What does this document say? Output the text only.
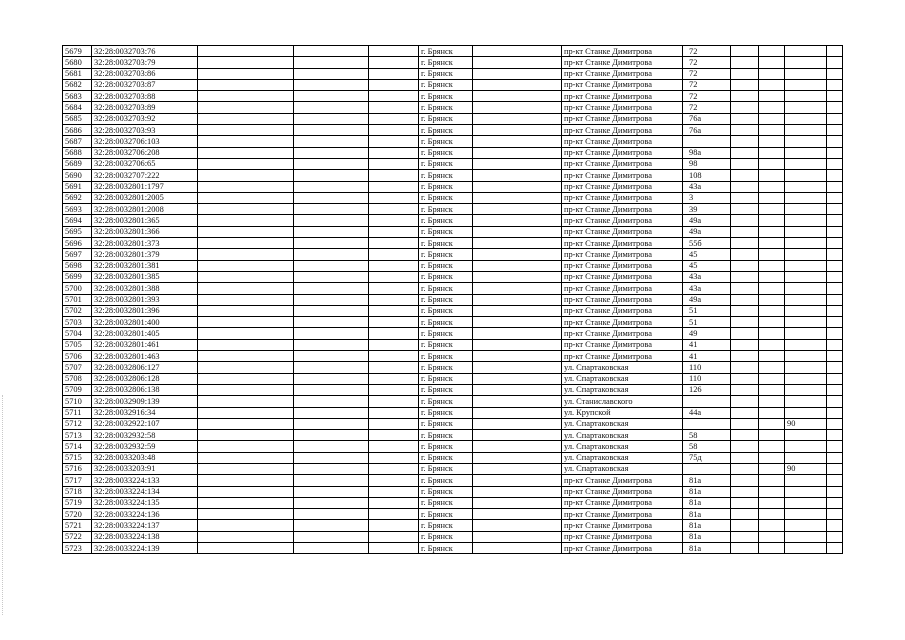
5679	32:28:0032703:76				г. Брянск		пр-кт Станке Димитрова	72				
5680	32:28:0032703:79				г. Брянск		пр-кт Станке Димитрова	72				
5681	32:28:0032703:86				г. Брянск		пр-кт Станке Димитрова	72				
5682	32:28:0032703:87				г. Брянск		пр-кт Станке Димитрова	72				
5683	32:28:0032703:88				г. Брянск		пр-кт Станке Димитрова	72				
5684	32:28:0032703:89				г. Брянск		пр-кт Станке Димитрова	72				
5685	32:28:0032703:92				г. Брянск		пр-кт Станке Димитрова	76а				
5686	32:28:0032703:93				г. Брянск		пр-кт Станке Димитрова	76а				
5687	32:28:0032706:103				г. Брянск		пр-кт Станке Димитрова					
5688	32:28:0032706:208				г. Брянск		пр-кт Станке Димитрова	98а				
5689	32:28:0032706:65				г. Брянск		пр-кт Станке Димитрова	98				
5690	32:28:0032707:222				г. Брянск		пр-кт Станке Димитрова	108				
5691	32:28:0032801:1797				г. Брянск		пр-кт Станке Димитрова	43а				
5692	32:28:0032801:2005				г. Брянск		пр-кт Станке Димитрова	3				
5693	32:28:0032801:2008				г. Брянск		пр-кт Станке Димитрова	39				
5694	32:28:0032801:365				г. Брянск		пр-кт Станке Димитрова	49а				
5695	32:28:0032801:366				г. Брянск		пр-кт Станке Димитрова	49а				
5696	32:28:0032801:373				г. Брянск		пр-кт Станке Димитрова	55б				
5697	32:28:0032801:379				г. Брянск		пр-кт Станке Димитрова	45				
5698	32:28:0032801:381				г. Брянск		пр-кт Станке Димитрова	45				
5699	32:28:0032801:385				г. Брянск		пр-кт Станке Димитрова	43а				
5700	32:28:0032801:388				г. Брянск		пр-кт Станке Димитрова	43а				
5701	32:28:0032801:393				г. Брянск		пр-кт Станке Димитрова	49а				
5702	32:28:0032801:396				г. Брянск		пр-кт Станке Димитрова	51				
5703	32:28:0032801:400				г. Брянск		пр-кт Станке Димитрова	51				
5704	32:28:0032801:405				г. Брянск		пр-кт Станке Димитрова	49				
5705	32:28:0032801:461				г. Брянск		пр-кт Станке Димитрова	41				
5706	32:28:0032801:463				г. Брянск		пр-кт Станке Димитрова	41				
5707	32:28:0032806:127				г. Брянск		ул. Спартаковская	110				
5708	32:28:0032806:128				г. Брянск		ул. Спартаковская	110				
5709	32:28:0032806:138				г. Брянск		ул. Спартаковская	126				
5710	32:28:0032909:139				г. Брянск		ул. Станиславского					
5711	32:28:0032916:34				г. Брянск		ул. Крупской	44а				
5712	32:28:0032922:107				г. Брянск		ул. Спартаковская				90	
5713	32:28:0032932:58				г. Брянск		ул. Спартаковская	58				
5714	32:28:0032932:59				г. Брянск		ул. Спартаковская	58				
5715	32:28:0033203:48				г. Брянск		ул. Спартаковская	75д				
5716	32:28:0033203:91				г. Брянск		ул. Спартаковская				90	
5717	32:28:0033224:133				г. Брянск		пр-кт Станке Димитрова	81а				
5718	32:28:0033224:134				г. Брянск		пр-кт Станке Димитрова	81а				
5719	32:28:0033224:135				г. Брянск		пр-кт Станке Димитрова	81а				
5720	32:28:0033224:136				г. Брянск		пр-кт Станке Димитрова	81а				
5721	32:28:0033224:137				г. Брянск		пр-кт Станке Димитрова	81а				
5722	32:28:0033224:138				г. Брянск		пр-кт Станке Димитрова	81а				
5723	32:28:0033224:139				г. Брянск		пр-кт Станке Димитрова	81а				
